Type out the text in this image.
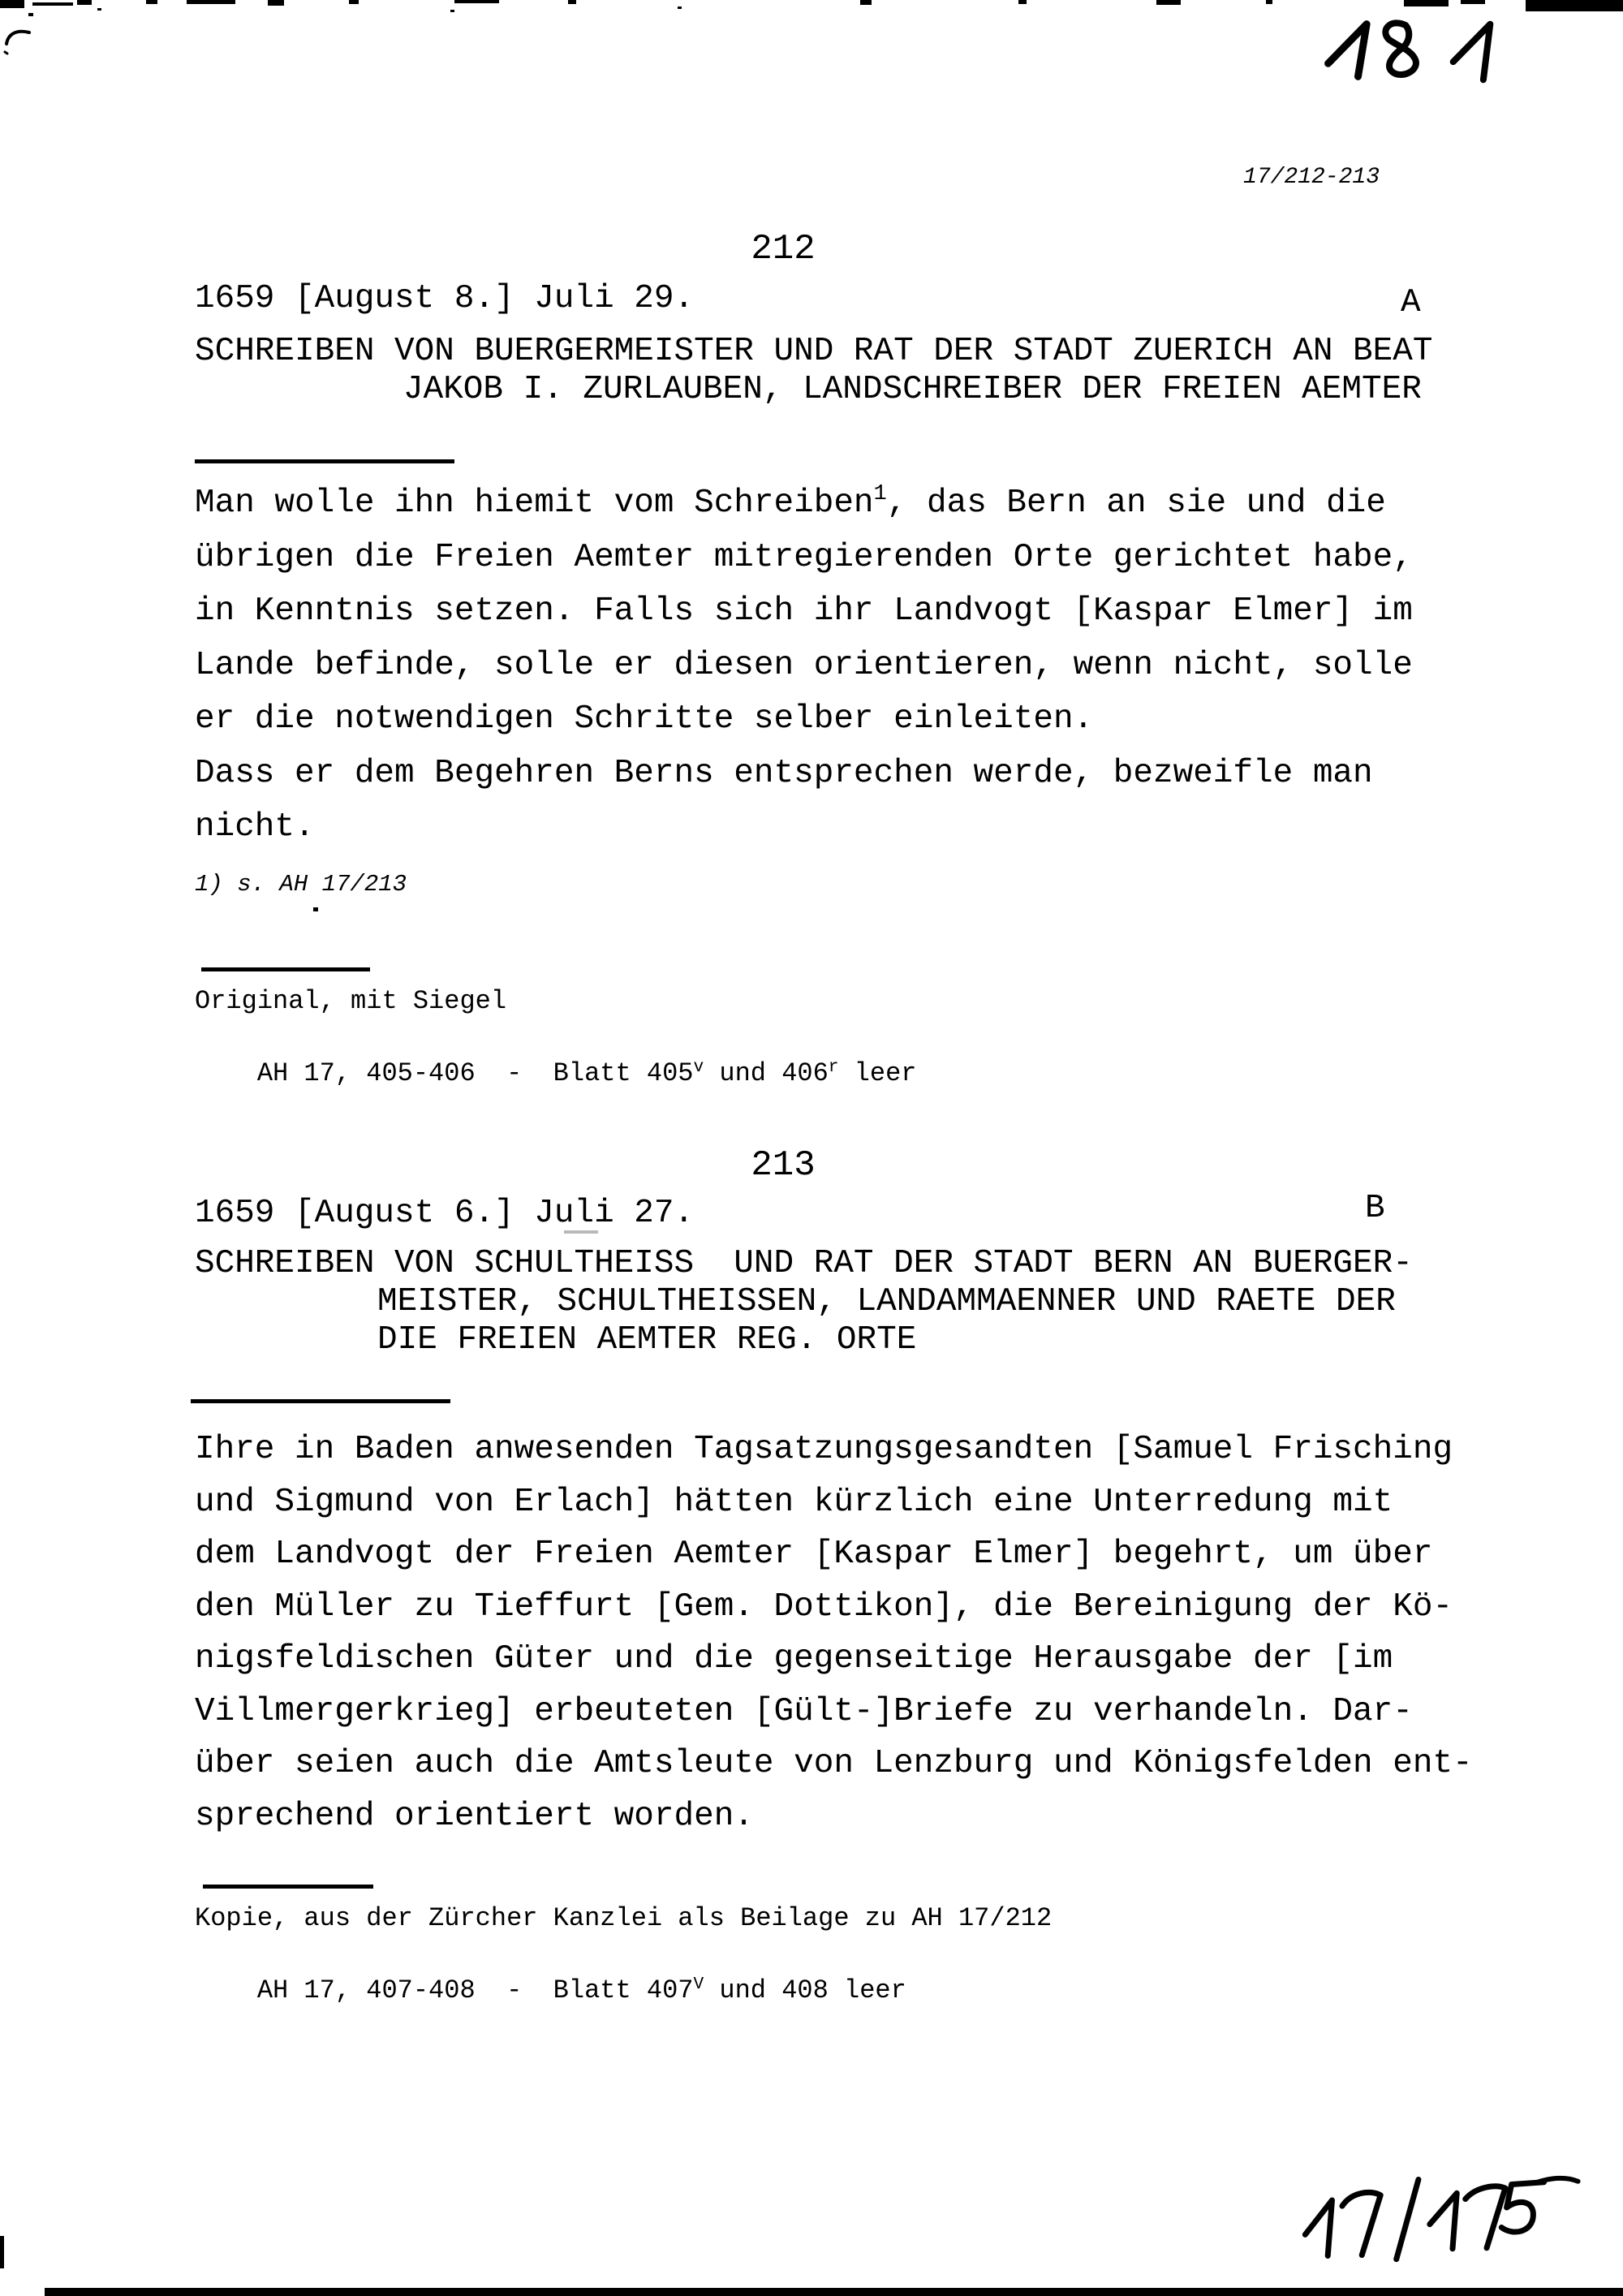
17/212-213
212
1659 [August 8.] Juli 29.	A
SCHREIBEN VON BUERGERMEISTER UND RAT DER STADT ZUERICH AN BEAT
JAKOB I. ZURLAUBEN, LANDSCHREIBER DER FREIEN AEMTER
Man wolle ihn hiemit vom Schreiben$^1$, das Bern an sie und die
übrigen die Freien Aemter mitregierenden Orte gerichtet habe,
in Kenntnis setzen. Falls sich ihr Landvogt [Kaspar Elmer] im
Lande befinde, solle er diesen orientieren, wenn nicht, solle
er die notwendigen Schritte selber einleiten.
Dass er dem Begehren Berns entsprechen werde, bezweifle man
nicht.
1) s. AH 17/213
Original, mit Siegel

AH 17, 405-406  -  Blatt 405$^v$ und 406$^r$ leer

213
1659 [August 6.] Juli 27.	B
SCHREIBEN VON SCHULTHEISS  UND RAT DER STADT BERN AN BUERGER-
MEISTER, SCHULTHEISSEN, LANDAMMAENNER UND RAETE DER
DIE FREIEN AEMTER REG. ORTE
Ihre in Baden anwesenden Tagsatzungsgesandten [Samuel Frisching
und Sigmund von Erlach] hätten kürzlich eine Unterredung mit
dem Landvogt der Freien Aemter [Kaspar Elmer] begehrt, um über
den Müller zu Tieffurt [Gem. Dottikon], die Bereinigung der Kö-
nigsfeldischen Güter und die gegenseitige Herausgabe der [im
Villmergerkrieg] erbeuteten [Gült-]Briefe zu verhandeln. Dar-
über seien auch die Amtsleute von Lenzburg und Königsfelden ent-
sprechend orientiert worden.
Kopie, aus der Zürcher Kanzlei als Beilage zu AH 17/212

AH 17, 407-408  -  Blatt $407^V$ und 408 leer
